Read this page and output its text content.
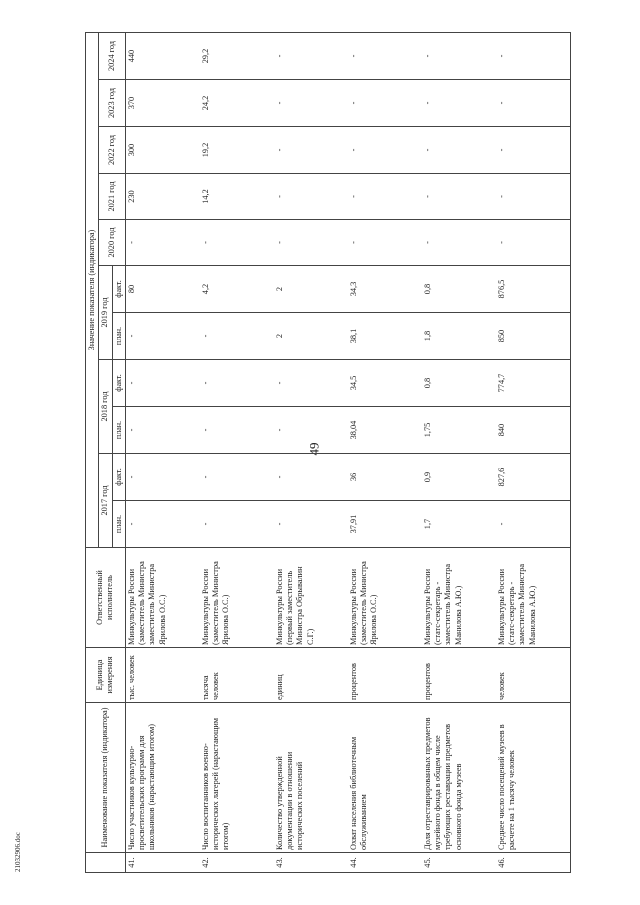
49
21032906.doc
	Наименование показателя (индикатора)	Единица измерения	Ответственный исполнитель	Значение показателя (индикатора)										
				2017 год		2018 год		2019 год		2020 год	2021 год	2022 год	2023 год	2024 год
				план.	факт.	план.	факт.	план.	факт.					
41.	Число участников культурно-просветительских программ для школьников (нарастающим итогом)	тыс. человек	Минкультуры России (заместитель Министра заместитель Министра Ярилова О.С.)	-	-	-	-	-	80	-	230	300	370	440
42.	Число воспитанников военно-исторических лагерей (нарастающим итогом)	тысяча человек	Минкультуры России (заместитель Министра Ярилова О.С.)	-	-	-	-	-	4,2	-	14,2	19,2	24,2	29,2
43.	Количество утвержденной документации в отношении исторических поселений	единиц	Минкультуры России (первый заместитель Министра Обрывалин С.Г.)	-	-	-	-	2	2	-	-	-	-	-
44.	Охват населения библиотечным обслуживанием	процентов	Минкультуры России (заместитель Министра Ярилова О.С.)	37,91	36	38,04	34,5	38,1	34,3	-	-	-	-	-
45.	Доля отреставрированных предметов музейного фонда в общем числе требующих реставрации предметов основного фонда музеев	процентов	Минкультуры России (статс-секретарь - заместитель Министра Манилова А.Ю.)	1,7	0,9	1,75	0,8	1,8	0,8	-	-	-	-	-
46.	Среднее число посещений музеев в расчете на 1 тысячу человек	человек	Минкультуры России (статс-секретарь - заместитель Министра Манилова А.Ю.)	-	827,6	840	774,7	850	876,5	-	-	-	-	-
